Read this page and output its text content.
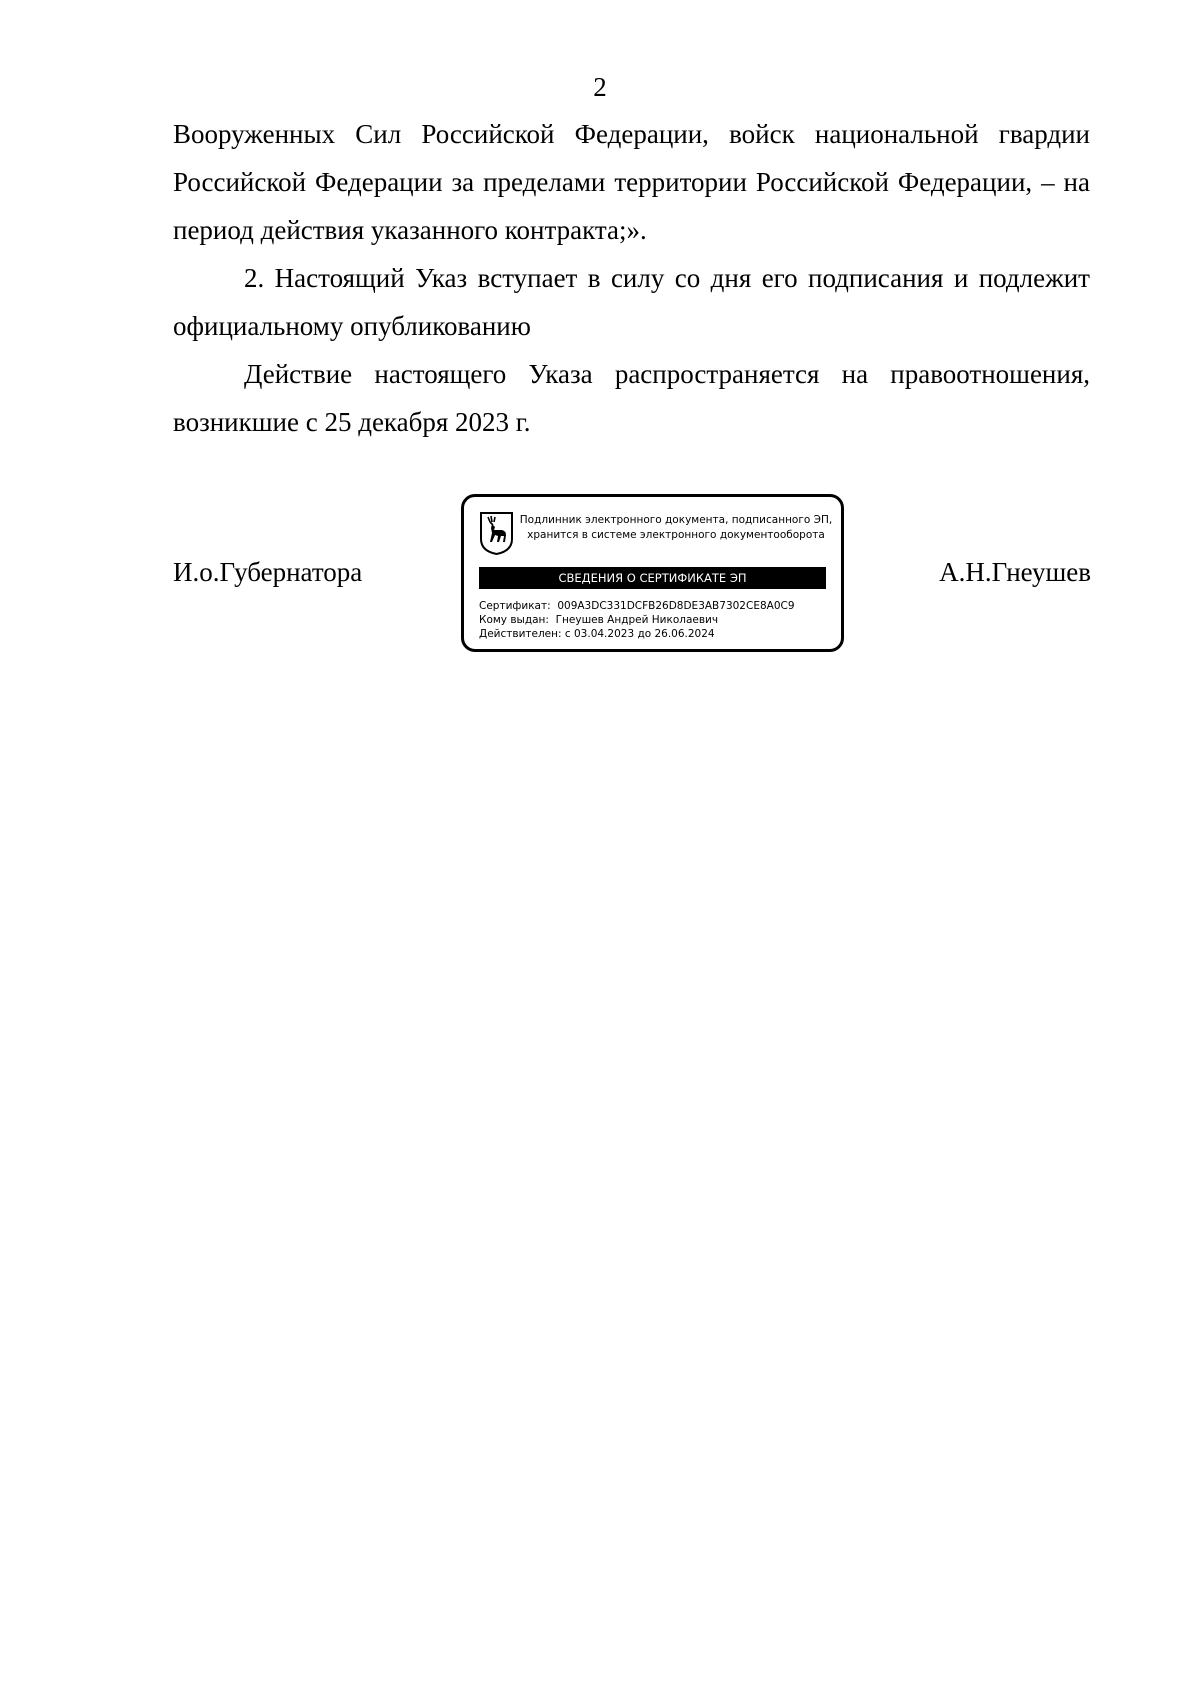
2

Вооруженных Сил Российской Федерации, войск национальной гвардии Российской Федерации за пределами территории Российской Федерации, – на период действия указанного контракта;».

2. Настоящий Указ вступает в силу со дня его подписания и подлежит официальному опубликованию

Действие настоящего Указа распространяется на правоотношения, возникшие с 25 декабря 2023 г.

И.о.Губернатора	А.Н.Гнеушев
Подлинник электронного документа, подписанного ЭП,
хранится в системе электронного документооборота
СВЕДЕНИЯ О СЕРТИФИКАТЕ ЭП
Сертификат: 009A3DC331DCFB26D8DE3AB7302CE8A0C9
Кому выдан: Гнеушев Андрей Николаевич
Действителен: с 03.04.2023 до 26.06.2024
